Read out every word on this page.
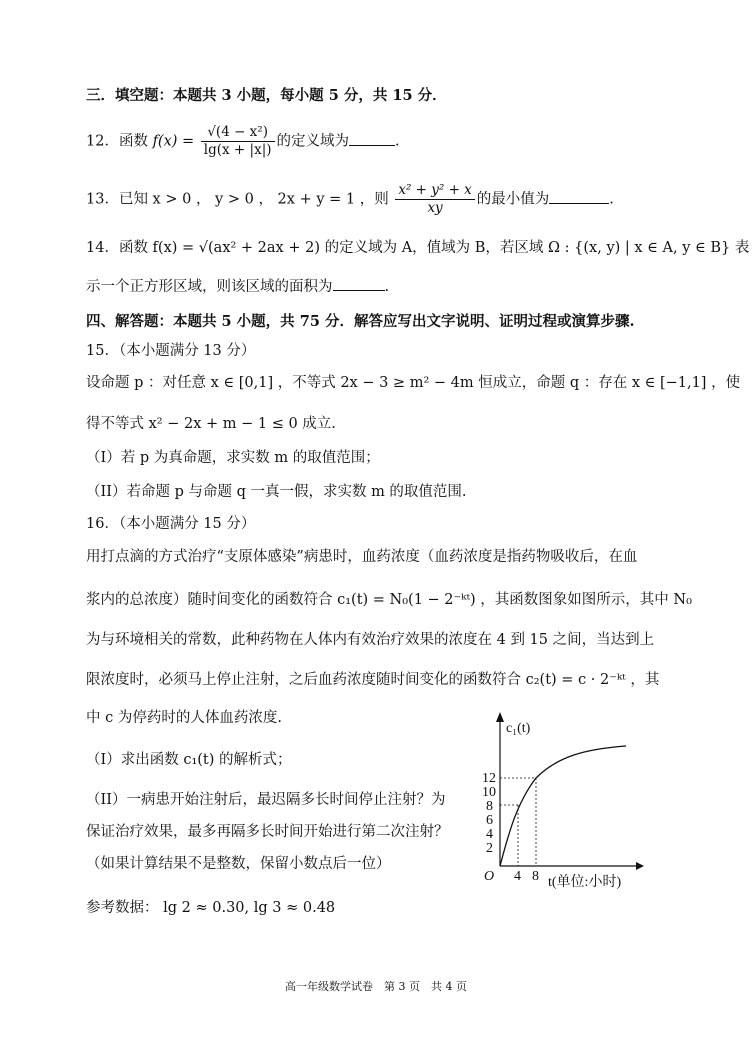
三．填空题：本题共 3 小题，每小题 5 分，共 15 分．
12．函数 $f(x) = \frac{\text{√(4 − x²)}}{\lg(x + |x|)}$ 的定义域为	.
13．已知 x > 0 ， y > 0 ， 2x + y = 1 ，则 $\frac{\text{x² + y² + x}}{xy}$ 的最小值为	.
14．函数 f(x) = √(ax² + 2ax + 2) 的定义域为 A，值域为 B，若区域 Ω : {(x, y) | x ∈ A, y ∈ B} 表
示一个正方形区域，则该区域的面积为	.
四、解答题：本题共 5 小题，共 75 分．解答应写出文字说明、证明过程或演算步骤.
15．（本小题满分 13 分）
设命题 p ：对任意 x ∈ [0,1] ，不等式 2x − 3 ≥ m² − 4m 恒成立，命题 q ：存在 x ∈ [−1,1] ，使
得不等式 x² − 2x + m − 1 ≤ 0 成立.
（I）若 p 为真命题，求实数 m 的取值范围；
（II）若命题 p 与命题 q 一真一假，求实数 m 的取值范围.
16．（本小题满分 15 分）
用打点滴的方式治疗“支原体感染”病患时，血药浓度（血药浓度是指药物吸收后，在血
浆内的总浓度）随时间变化的函数符合 c₁(t) = N₀(1 − 2⁻ᵏᵗ) ，其函数图象如图所示，其中 N₀
为与环境相关的常数，此种药物在人体内有效治疗效果的浓度在 4 到 15 之间，当达到上
限浓度时，必须马上停止注射，之后血药浓度随时间变化的函数符合 c₂(t) = c · 2⁻ᵏᵗ ，其
中 c 为停药时的人体血药浓度.
（I）求出函数 c₁(t) 的解析式；
（II）一病患开始注射后，最迟隔多长时间停止注射？为
保证治疗效果，最多再隔多长时间开始进行第二次注射？
（如果计算结果不是整数，保留小数点后一位）
参考数据： lg 2 ≈ 0.30, lg 3 ≈ 0.48
c₁(t)
t(单位:小时)
O
12
10
8
6
4
2
4 8
高一年级数学试卷　第 3 页　共 4 页
